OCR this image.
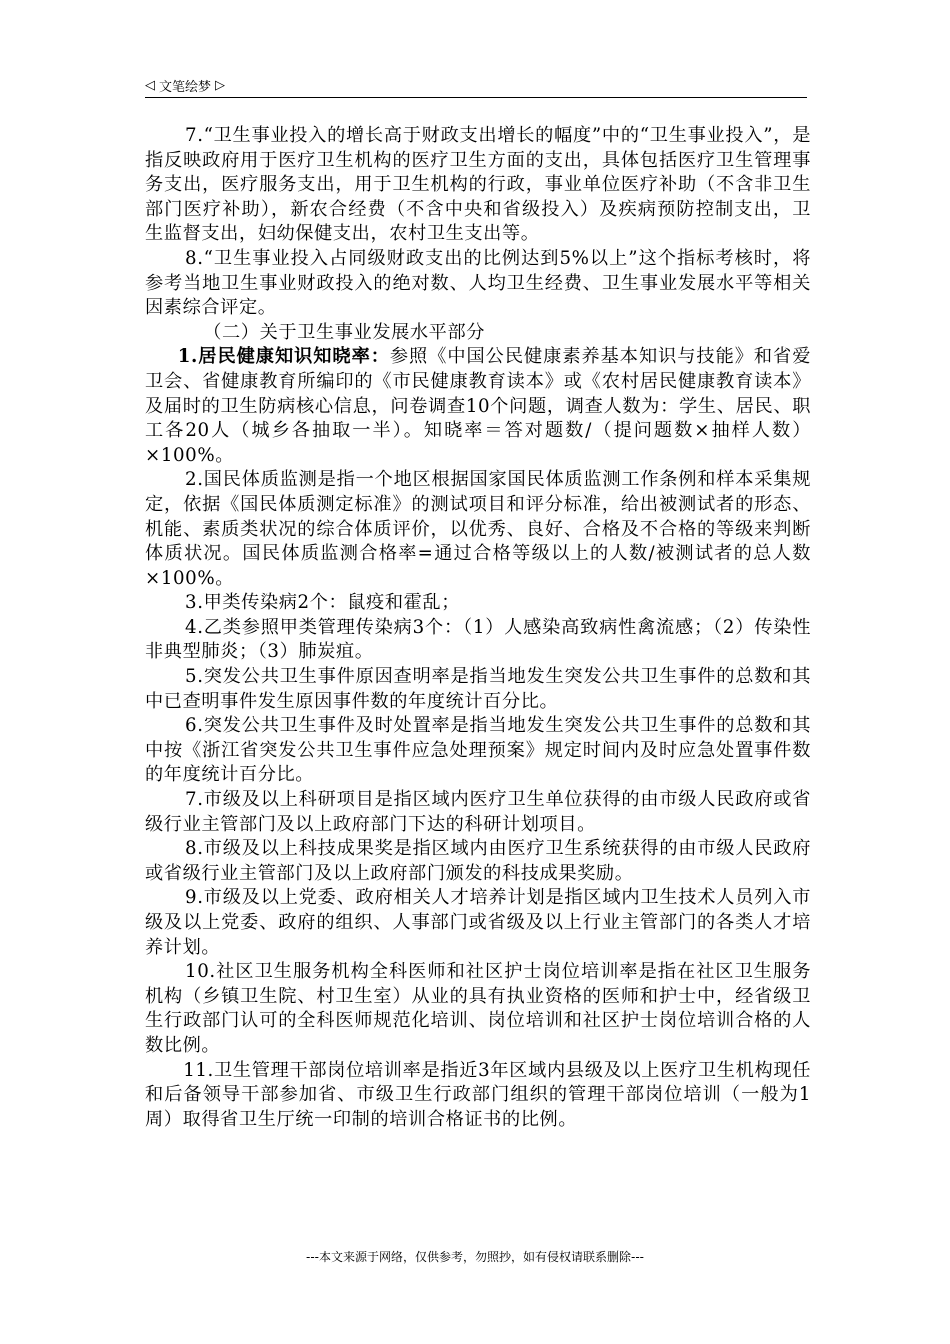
◁ 文笔绘梦 ▷

7.“卫生事业投入的增长高于财政支出增长的幅度”中的“卫生事业投入”，是指反映政府用于医疗卫生机构的医疗卫生方面的支出，具体包括医疗卫生管理事务支出，医疗服务支出，用于卫生机构的行政，事业单位医疗补助（不含非卫生部门医疗补助），新农合经费（不含中央和省级投入）及疾病预防控制支出，卫生监督支出，妇幼保健支出，农村卫生支出等。

8.“卫生事业投入占同级财政支出的比例达到5%以上”这个指标考核时，将参考当地卫生事业财政投入的绝对数、人均卫生经费、卫生事业发展水平等相关因素综合评定。

（二）关于卫生事业发展水平部分

1.居民健康知识知晓率：参照《中国公民健康素养基本知识与技能》和省爱卫会、省健康教育所编印的《市民健康教育读本》或《农村居民健康教育读本》及届时的卫生防病核心信息，问卷调查10个问题，调查人数为：学生、居民、职工各20人（城乡各抽取一半）。知晓率＝答对题数/（提问题数×抽样人数）×100%。

2.国民体质监测是指一个地区根据国家国民体质监测工作条例和样本采集规定，依据《国民体质测定标准》的测试项目和评分标准，给出被测试者的形态、机能、素质类状况的综合体质评价，以优秀、良好、合格及不合格的等级来判断体质状况。国民体质监测合格率=通过合格等级以上的人数/被测试者的总人数×100%。

3.甲类传染病2个：鼠疫和霍乱；

4.乙类参照甲类管理传染病3个：（1）人感染高致病性禽流感；（2）传染性非典型肺炎；（3）肺炭疽。

5.突发公共卫生事件原因查明率是指当地发生突发公共卫生事件的总数和其中已查明事件发生原因事件数的年度统计百分比。

6.突发公共卫生事件及时处置率是指当地发生突发公共卫生事件的总数和其中按《浙江省突发公共卫生事件应急处理预案》规定时间内及时应急处置事件数的年度统计百分比。

7.市级及以上科研项目是指区域内医疗卫生单位获得的由市级人民政府或省级行业主管部门及以上政府部门下达的科研计划项目。

8.市级及以上科技成果奖是指区域内由医疗卫生系统获得的由市级人民政府或省级行业主管部门及以上政府部门颁发的科技成果奖励。

9.市级及以上党委、政府相关人才培养计划是指区域内卫生技术人员列入市级及以上党委、政府的组织、人事部门或省级及以上行业主管部门的各类人才培养计划。

10.社区卫生服务机构全科医师和社区护士岗位培训率是指在社区卫生服务机构（乡镇卫生院、村卫生室）从业的具有执业资格的医师和护士中，经省级卫生行政部门认可的全科医师规范化培训、岗位培训和社区护士岗位培训合格的人数比例。

11.卫生管理干部岗位培训率是指近3年区域内县级及以上医疗卫生机构现任和后备领导干部参加省、市级卫生行政部门组织的管理干部岗位培训（一般为1周）取得省卫生厅统一印制的培训合格证书的比例。

---本文来源于网络，仅供参考，勿照抄，如有侵权请联系删除---
